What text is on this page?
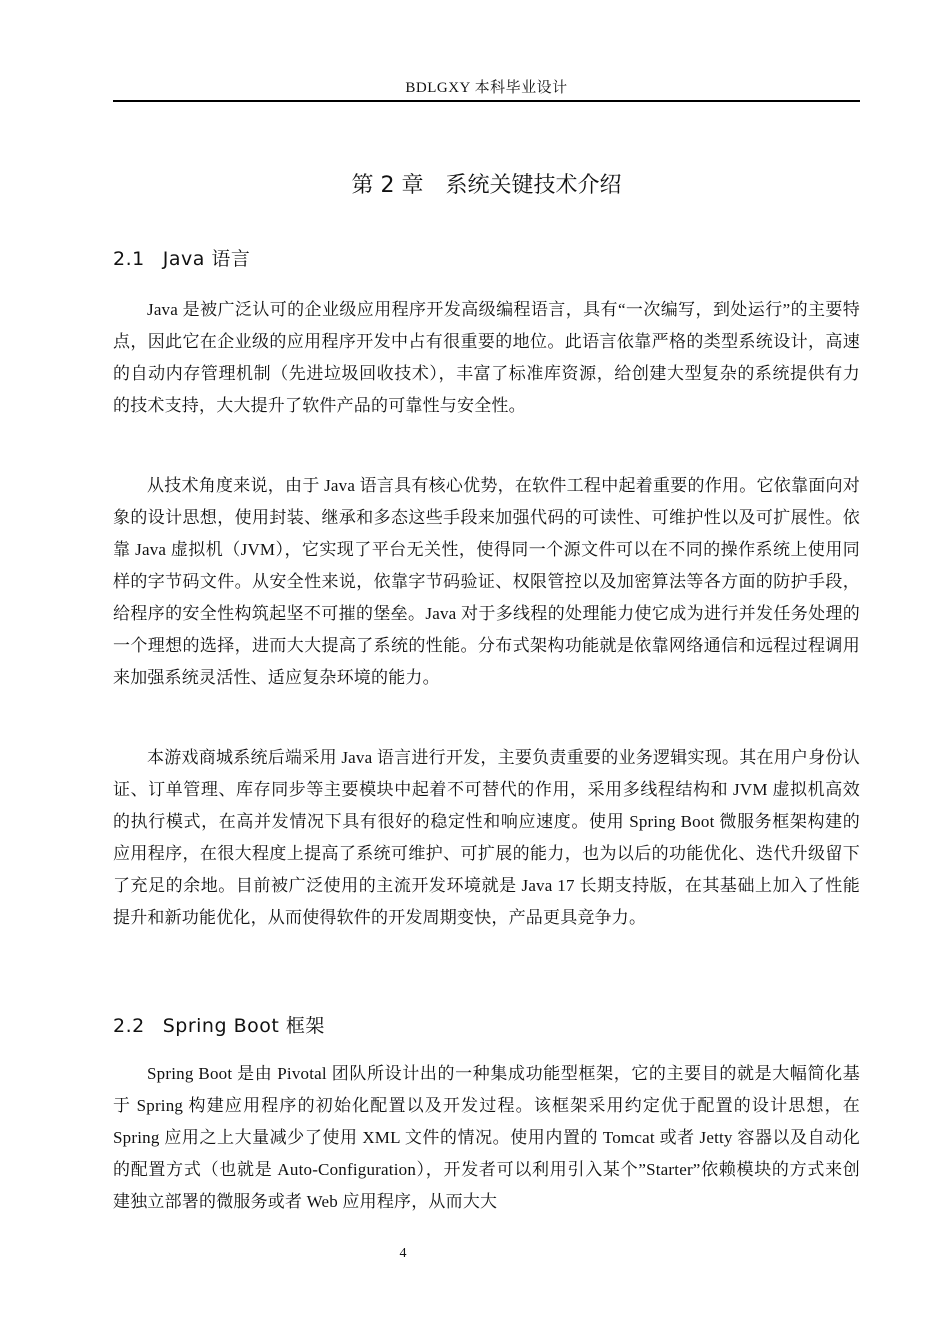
BDLGXY 本科毕业设计
第 2 章　系统关键技术介绍
2.1 Java 语言

Java 是被广泛认可的企业级应用程序开发高级编程语言，具有“一次编写，到处运行”的主要特点，因此它在企业级的应用程序开发中占有很重要的地位。此语言依靠严格的类型系统设计，高速的自动内存管理机制（先进垃圾回收技术），丰富了标准库资源，给创建大型复杂的系统提供有力的技术支持，大大提升了软件产品的可靠性与安全性。

从技术角度来说，由于 Java 语言具有核心优势，在软件工程中起着重要的作用。它依靠面向对象的设计思想，使用封装、继承和多态这些手段来加强代码的可读性、可维护性以及可扩展性。依靠 Java 虚拟机（JVM），它实现了平台无关性，使得同一个源文件可以在不同的操作系统上使用同样的字节码文件。从安全性来说，依靠字节码验证、权限管控以及加密算法等各方面的防护手段，给程序的安全性构筑起坚不可摧的堡垒。Java 对于多线程的处理能力使它成为进行并发任务处理的一个理想的选择，进而大大提高了系统的性能。分布式架构功能就是依靠网络通信和远程过程调用来加强系统灵活性、适应复杂环境的能力。

本游戏商城系统后端采用 Java 语言进行开发，主要负责重要的业务逻辑实现。其在用户身份认证、订单管理、库存同步等主要模块中起着不可替代的作用，采用多线程结构和 JVM 虚拟机高效的执行模式，在高并发情况下具有很好的稳定性和响应速度。使用 Spring Boot 微服务框架构建的应用程序，在很大程度上提高了系统可维护、可扩展的能力，也为以后的功能优化、迭代升级留下了充足的余地。目前被广泛使用的主流开发环境就是 Java 17 长期支持版，在其基础上加入了性能提升和新功能优化，从而使得软件的开发周期变快，产品更具竞争力。

2.2 Spring Boot 框架

Spring Boot 是由 Pivotal 团队所设计出的一种集成功能型框架，它的主要目的就是大幅简化基于 Spring 构建应用程序的初始化配置以及开发过程。该框架采用约定优于配置的设计思想，在 Spring 应用之上大量减少了使用 XML 文件的情况。使用内置的 Tomcat 或者 Jetty 容器以及自动化的配置方式（也就是 Auto-Configuration），开发者可以利用引入某个”Starter”依赖模块的方式来创建独立部署的微服务或者 Web 应用程序，从而大大

4
